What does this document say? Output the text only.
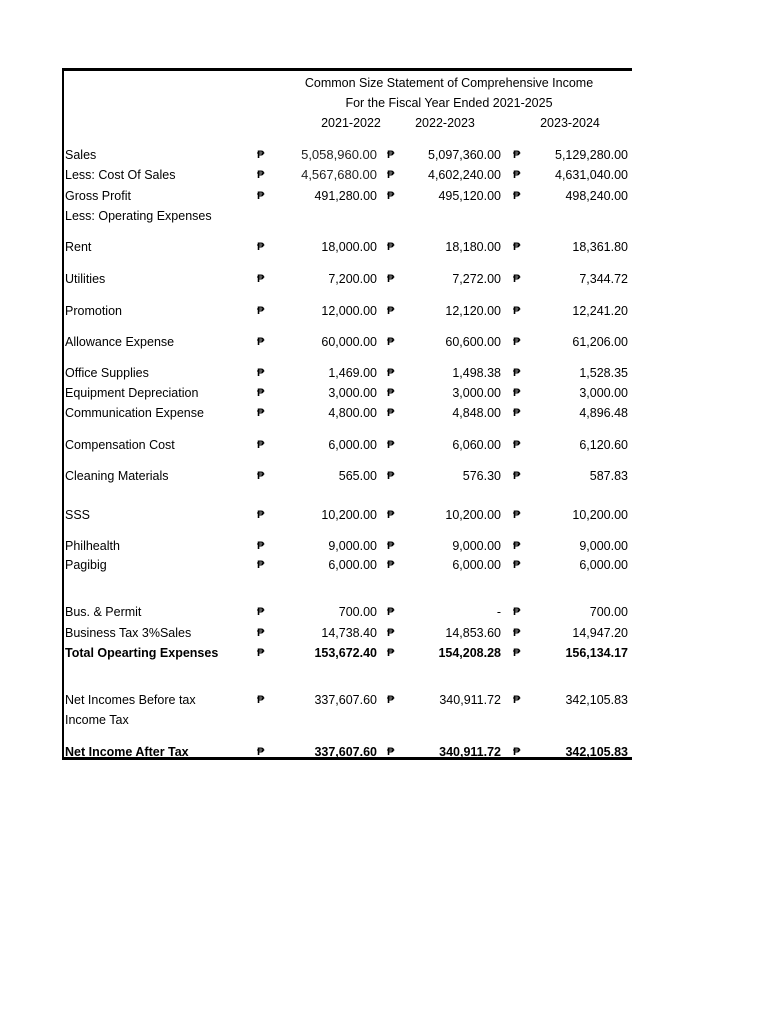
Common Size Statement of Comprehensive Income
For the Fiscal Year Ended 2021-2025
2021-2022	2022-2023	2023-2024
Sales	₱	5,058,960.00 ₱	5,097,360.00 ₱	5,129,280.00
Less: Cost Of Sales	₱	4,567,680.00 ₱	4,602,240.00 ₱	4,631,040.00
Gross Profit	₱	491,280.00 ₱	495,120.00 ₱	498,240.00
Less: Operating Expenses
Rent	₱	18,000.00 ₱	18,180.00 ₱	18,361.80
Utilities	₱	7,200.00 ₱	7,272.00 ₱	7,344.72
Promotion	₱	12,000.00 ₱	12,120.00 ₱	12,241.20
Allowance Expense	₱	60,000.00 ₱	60,600.00 ₱	61,206.00
Office Supplies	₱	1,469.00 ₱	1,498.38 ₱	1,528.35
Equipment Depreciation	₱	3,000.00 ₱	3,000.00 ₱	3,000.00
Communication Expense	₱	4,800.00 ₱	4,848.00 ₱	4,896.48
Compensation Cost	₱	6,000.00 ₱	6,060.00 ₱	6,120.60
Cleaning Materials	₱	565.00 ₱	576.30 ₱	587.83
SSS	₱	10,200.00 ₱	10,200.00 ₱	10,200.00
Philhealth	₱	9,000.00 ₱	9,000.00 ₱	9,000.00
Pagibig	₱	6,000.00 ₱	6,000.00 ₱	6,000.00
Bus. & Permit	₱	700.00 ₱	- ₱	700.00
Business Tax 3%Sales	₱	14,738.40 ₱	14,853.60 ₱	14,947.20
Total Opearting Expenses	₱	153,672.40 ₱	154,208.28 ₱	156,134.17
Net Incomes Before tax	₱	337,607.60 ₱	340,911.72 ₱	342,105.83
Income Tax
Net Income After Tax	₱	337,607.60 ₱	340,911.72 ₱	342,105.83
